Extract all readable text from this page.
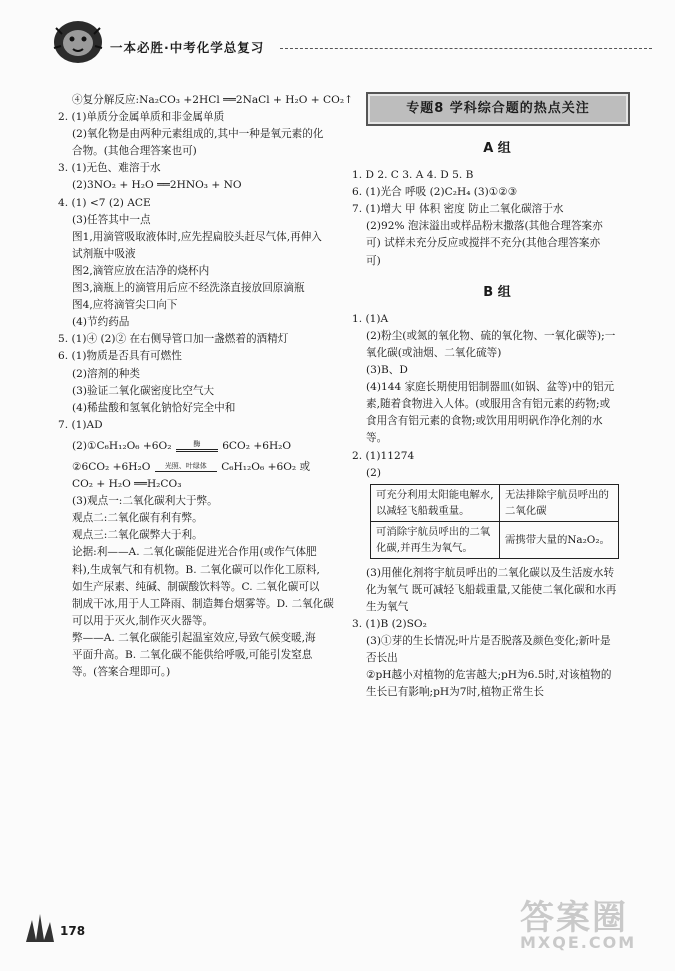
一本必胜·中考化学总复习
④复分解反应:Na₂CO₃ +2HCl ══2NaCl + H₂O + CO₂↑
2. (1)单质分金属单质和非金属单质
(2)氧化物是由两种元素组成的,其中一种是氧元素的化
合物。(其他合理答案也可)
3. (1)无色、难溶于水
(2)3NO₂ + H₂O ══2HNO₃ + NO
4. (1) <7 (2) ACE
(3)任答其中一点
图1,用滴管吸取液体时,应先捏扁胶头赶尽气体,再伸入
试剂瓶中吸液
图2,滴管应放在洁净的烧杯内
图3,滴瓶上的滴管用后应不经洗涤直接放回原滴瓶
图4,应将滴管尖口向下
(4)节约药品
5. (1)④ (2)② 在右侧导管口加一盏燃着的酒精灯
6. (1)物质是否具有可燃性
(2)溶剂的种类
(3)验证二氧化碳密度比空气大
(4)稀盐酸和氢氧化钠恰好完全中和
7. (1)AD
(2)①C₆H₁₂O₆ +6O₂	酶	6CO₂ +6H₂O
②6CO₂ +6H₂O	光照、叶绿体	C₆H₁₂O₆ +6O₂ 或
CO₂ + H₂O ══H₂CO₃
(3)观点一:二氧化碳利大于弊。
观点二:二氧化碳有利有弊。
观点三:二氧化碳弊大于利。
论据:利——A. 二氧化碳能促进光合作用(或作气体肥
料),生成氧气和有机物。B. 二氧化碳可以作化工原料,
如生产尿素、纯碱、制碳酸饮料等。C. 二氧化碳可以
制成干冰,用于人工降雨、制造舞台烟雾等。D. 二氧化碳
可以用于灭火,制作灭火器等。
弊——A. 二氧化碳能引起温室效应,导致气候变暖,海
平面升高。B. 二氧化碳不能供给呼吸,可能引发窒息
等。(答案合理即可。)
专题8 学科综合题的热点关注
A 组
1. D 2. C 3. A 4. D 5. B
6. (1)光合 呼吸 (2)C₂H₄ (3)①②③
7. (1)增大 甲 体积 密度 防止二氧化碳溶于水
(2)92% 泡沫溢出或样品粉末撒落(其他合理答案亦
可) 试样未充分反应或搅拌不充分(其他合理答案亦
可)
B 组
1. (1)A
(2)粉尘(或氮的氧化物、硫的氧化物、一氧化碳等);一
氧化碳(或油烟、二氧化硫等)
(3)B、D
(4)144 家庭长期使用铝制器皿(如锅、盆等)中的铝元
素,随着食物进入人体。(或服用含有铝元素的药物;或
食用含有铝元素的食物;或饮用用明矾作净化剂的水
等。
2. (1)11274
(2)
可充分利用太阳能电解水,以减轻飞船载重量。	无法排除宇航员呼出的二氧化碳
可消除宇航员呼出的二氧化碳,并再生为氧气。	需携带大量的Na₂O₂。
(3)用催化剂将宇航员呼出的二氧化碳以及生活废水转
化为氧气 既可减轻飞船载重量,又能使二氧化碳和水再
生为氧气
3. (1)B (2)SO₂
(3)①芽的生长情况;叶片是否脱落及颜色变化;新叶是
否长出
②pH越小对植物的危害越大;pH为6.5时,对该植物的
生长已有影响;pH为7时,植物正常生长
178	答案圈
MXQE.COM
